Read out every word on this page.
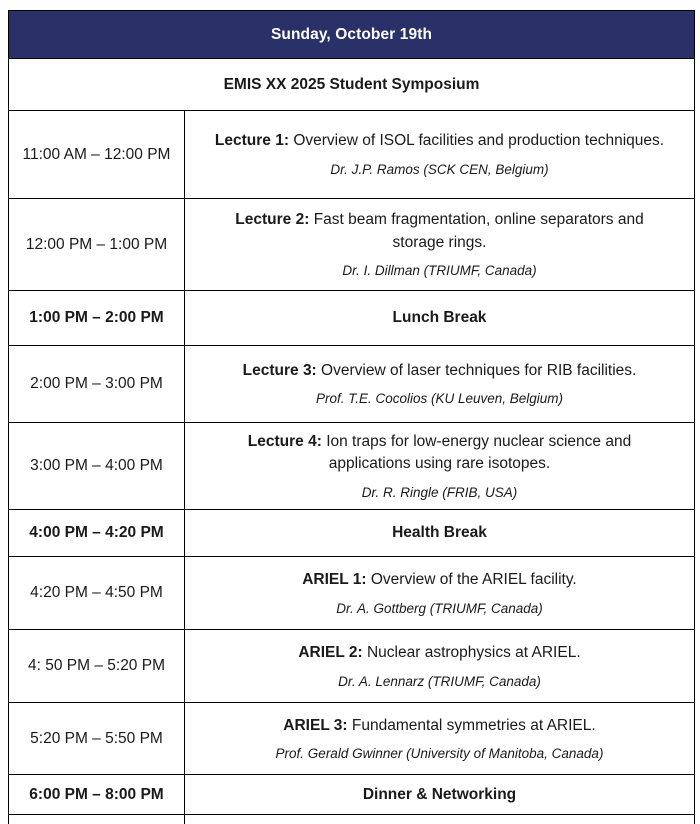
Sunday, October 19th	
EMIS XX 2025 Student Symposium	
11:00 AM – 12:00 PM	Lecture 1: Overview of ISOL facilities and production techniques.
Dr. J.P. Ramos (SCK CEN, Belgium)

12:00 PM – 1:00 PM	Lecture 2: Fast beam fragmentation, online separators and storage rings.
Dr. I. Dillman (TRIUMF, Canada)

1:00 PM – 2:00 PM	Lunch Break
2:00 PM – 3:00 PM	Lecture 3: Overview of laser techniques for RIB facilities.
Prof. T.E. Cocolios (KU Leuven, Belgium)

3:00 PM – 4:00 PM	Lecture 4: Ion traps for low-energy nuclear science and applications using rare isotopes.
Dr. R. Ringle (FRIB, USA)

4:00 PM – 4:20 PM	Health Break
4:20 PM – 4:50 PM	ARIEL 1: Overview of the ARIEL facility.
Dr. A. Gottberg (TRIUMF, Canada)

4: 50 PM – 5:20 PM	ARIEL 2: Nuclear astrophysics at ARIEL.
Dr. A. Lennarz (TRIUMF, Canada)

5:20 PM – 5:50 PM	ARIEL 3: Fundamental symmetries at ARIEL.
Prof. Gerald Gwinner (University of Manitoba, Canada)

6:00 PM – 8:00 PM	Dinner & Networking
